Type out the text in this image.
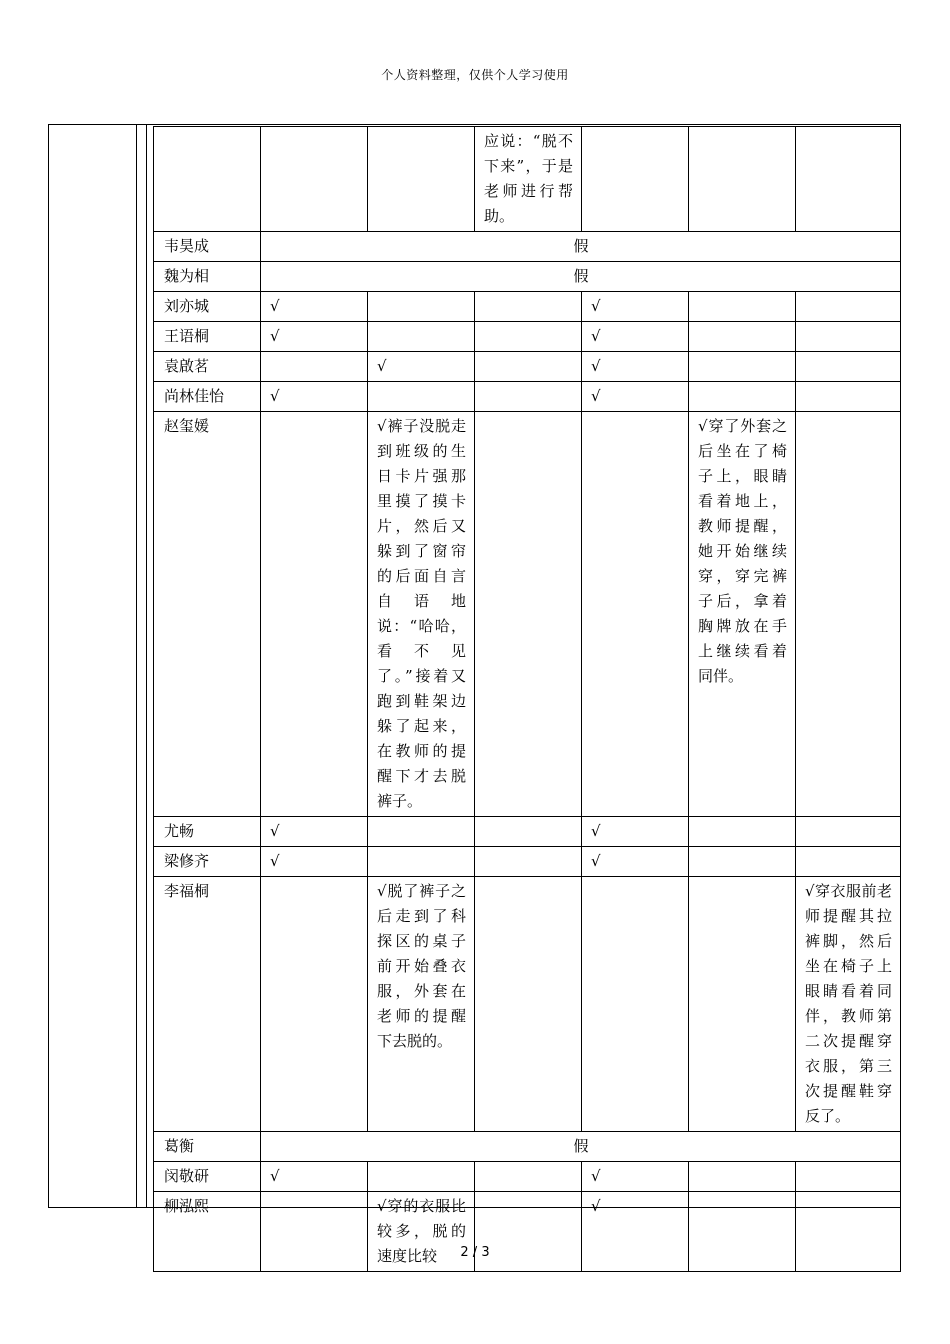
个人资料整理，仅供个人学习使用
			应说：“脱不下来”，于是老师进行帮助。			
韦昊成	假					
魏为相	假					
刘亦城	√			√		
王语桐	√			√		
袁啟茗		√		√		
尚林佳怡	√			√		
赵玺媛		√裤子没脱走到班级的生日卡片强那里摸了摸卡片，然后又躲到了窗帘的后面自言自语地说：“哈哈，看不见了。”接着又跑到鞋架边躲了起来，在教师的提醒下才去脱裤子。			√穿了外套之后坐在了椅子上，眼睛看着地上，教师提醒，她开始继续穿，穿完裤子后，拿着胸牌放在手上继续看着同伴。	
尤畅	√			√		
梁修齐	√			√		
李福桐		√脱了裤子之后走到了科探区的桌子前开始叠衣服，外套在老师的提醒下去脱的。				√穿衣服前老师提醒其拉裤脚，然后坐在椅子上眼睛看着同伴，教师第二次提醒穿衣服，第三次提醒鞋穿反了。
葛衡	假					
闵敬研	√			√		
柳泓熙		√穿的衣服比较多，脱的速度比较		√		
2 / 3
